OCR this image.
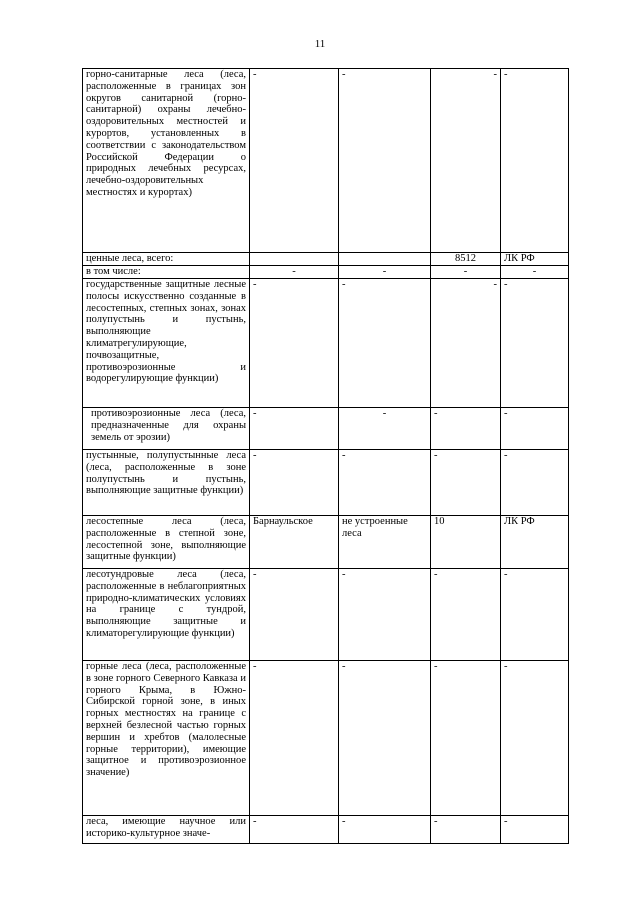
11
горно-санитарные леса (леса, расположенные в границах зон округов санитарной (горно-санитарной) охраны лечебно-оздоровительных местностей и курортов, установленных в соответствии с законодательством Российской Федерации о природных лечебных ресурсах, лечебно-оздоровительных местностях и курортах)	-	-	-	-
ценные леса, всего:			8512	ЛК РФ
в том числе:	-	-	-	-
государственные защитные лесные полосы искусственно созданные в лесостепных, степных зонах, зонах полупустынь и пустынь, выполняющие климатрегулирующие, почвозащитные, противоэрозионные и водорегулирующие функции)	-	-	-	-
противоэрозионные леса (леса, предназначенные для охраны земель от эрозии)	-	-	-	-
пустынные, полупустынные леса (леса, расположенные в зоне полупустынь и пустынь, выполняющие защитные функции)	-	-	-	-
лесостепные леса (леса, расположенные в степной зоне, лесостепной зоне, выполняющие защитные функции)	Барнаульское	не устроенные леса	10	ЛК РФ
лесотундровые леса (леса, расположенные в неблагоприятных природно-климатических условиях на границе с тундрой, выполняющие защитные и климаторегулирующие функции)	-	-	-	-
горные леса (леса, расположенные в зоне горного Северного Кавказа и горного Крыма, в Южно-Сибирской горной зоне, в иных горных местностях на границе с верхней безлесной частью горных вершин и хребтов (малолесные горные территории), имеющие защитное и противоэрозионное значение)	-	-	-	-
леса, имеющие научное или историко-культурное значе-	-	-	-	-
